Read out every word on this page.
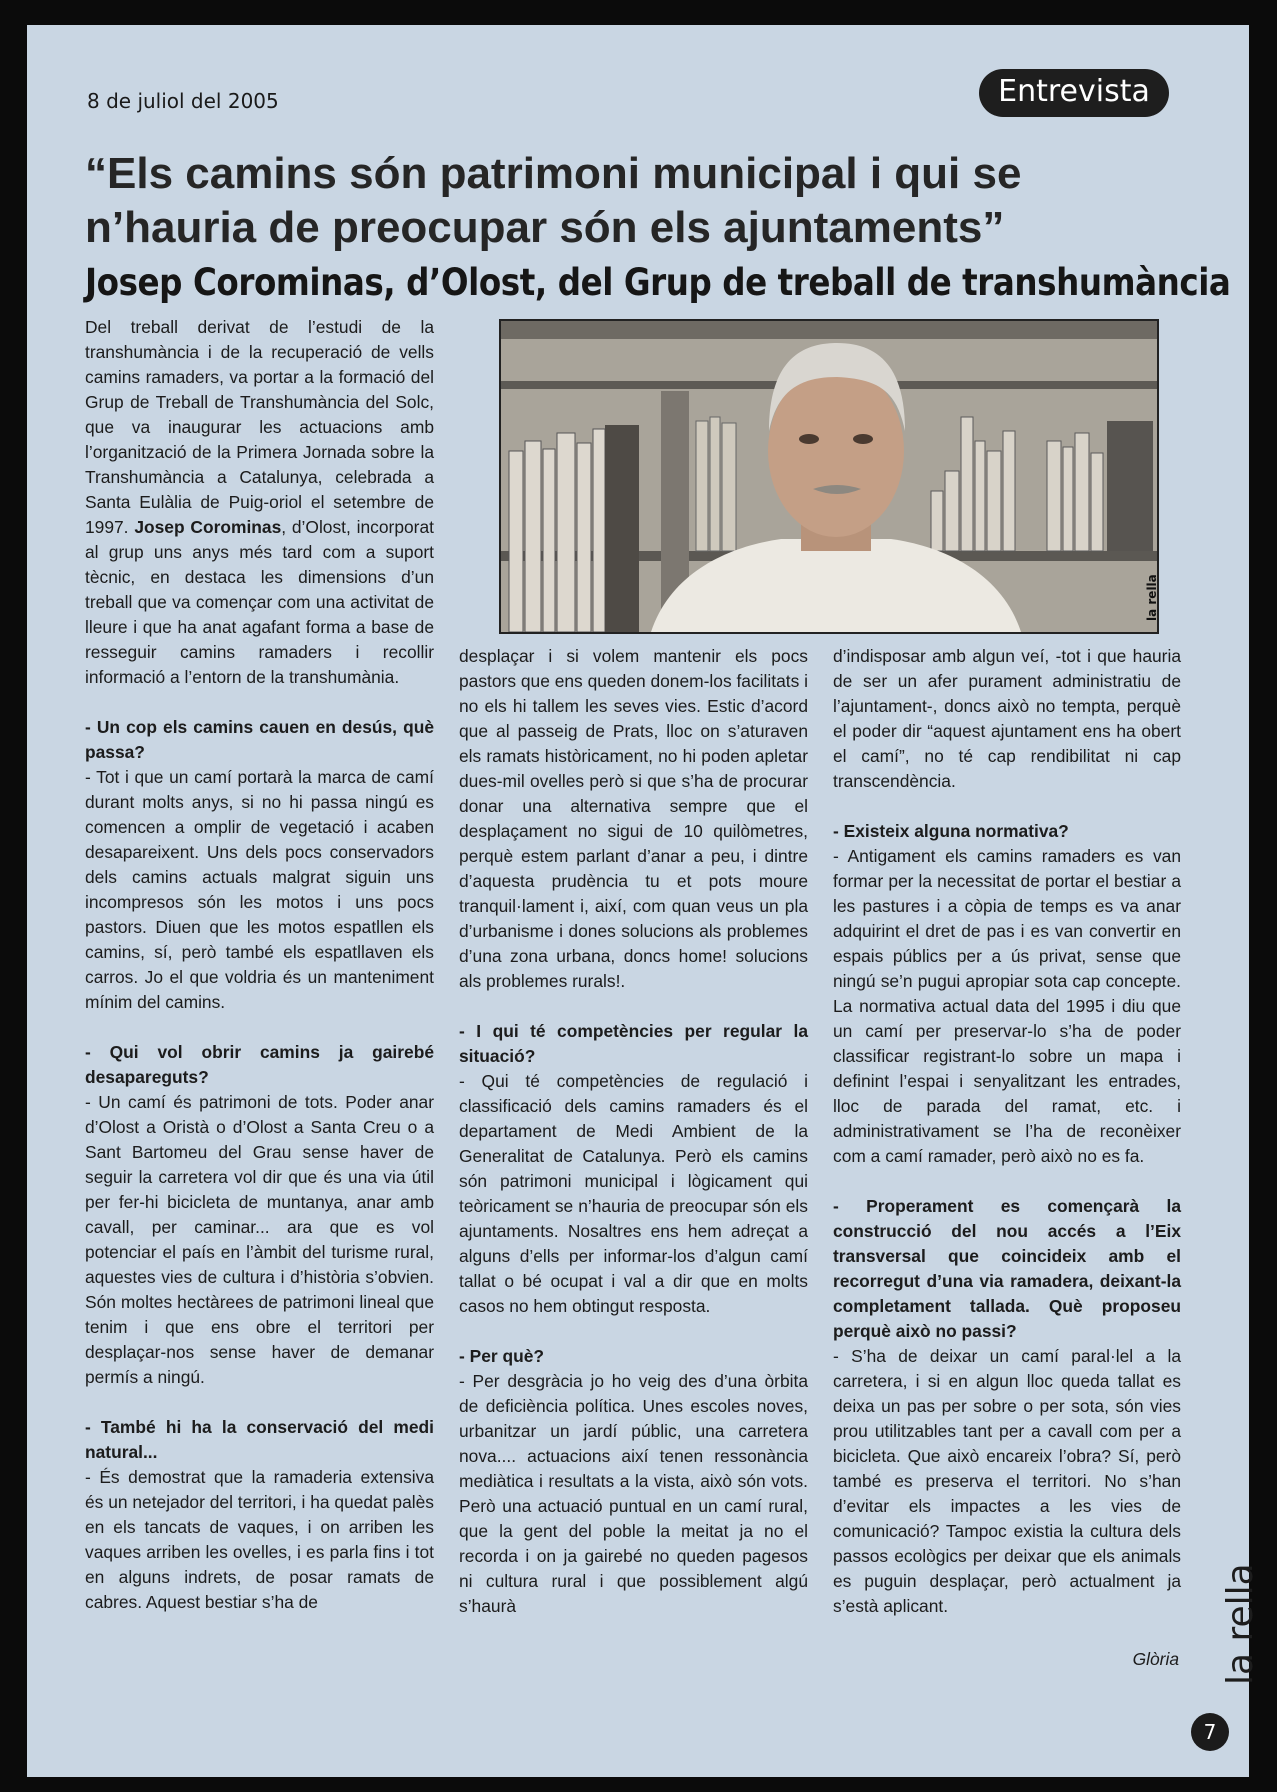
8 de juliol del 2005	Entrevista
“Els camins són patrimoni municipal i qui se n’hauria de preocupar són els ajuntaments”
Josep Corominas, d’Olost, del Grup de treball de transhumància
la rella

Del treball derivat de l’estudi de la transhumància i de la recuperació de vells camins ramaders, va portar a la formació del Grup de Treball de Transhumància del Solc, que va inaugurar les actuacions amb l’organització de la Primera Jornada sobre la Transhumància a Catalunya, celebrada a Santa Eulàlia de Puig-oriol el setembre de 1997. Josep Corominas, d’Olost, incorporat al grup uns anys més tard com a suport tècnic, en destaca les dimensions d’un treball que va començar com una activitat de lleure i que ha anat agafant forma a base de resseguir camins ramaders i recollir informació a l’entorn de la transhumània.

- Un cop els camins cauen en desús, què passa?

- Tot i que un camí portarà la marca de camí durant molts anys, si no hi passa ningú es comencen a omplir de vegetació i acaben desapareixent. Uns dels pocs conservadors dels camins actuals malgrat siguin uns incompresos són les motos i uns pocs pastors. Diuen que les motos espatllen els camins, sí, però també els espatllaven els carros. Jo el que voldria és un manteniment mínim del camins.

- Qui vol obrir camins ja gairebé desapareguts?

- Un camí és patrimoni de tots. Poder anar d’Olost a Oristà o d’Olost a Santa Creu o a Sant Bartomeu del Grau sense haver de seguir la carretera vol dir que és una via útil per fer-hi bicicleta de muntanya, anar amb cavall, per caminar... ara que es vol potenciar el país en l’àmbit del turisme rural, aquestes vies de cultura i d’història s’obvien. Són moltes hectàrees de patrimoni lineal que tenim i que ens obre el territori per desplaçar-nos sense haver de demanar permís a ningú.

- També hi ha la conservació del medi natural...

- És demostrat que la ramaderia extensiva és un netejador del territori, i ha quedat palès en els tancats de vaques, i on arriben les vaques arriben les ovelles, i es parla fins i tot en alguns indrets, de posar ramats de cabres. Aquest bestiar s’ha de

desplaçar i si volem mantenir els pocs pastors que ens queden donem-los facilitats i no els hi tallem les seves vies. Estic d’acord que al passeig de Prats, lloc on s’aturaven els ramats històricament, no hi poden apletar dues-mil ovelles però si que s’ha de procurar donar una alternativa sempre que el desplaçament no sigui de 10 quilòmetres, perquè estem parlant d’anar a peu, i dintre d’aquesta prudència tu et pots moure tranquil·lament i, així, com quan veus un pla d’urbanisme i dones solucions als problemes d’una zona urbana, doncs home! solucions als problemes rurals!.

- I qui té competències per regular la situació?

- Qui té competències de regulació i classificació dels camins ramaders és el departament de Medi Ambient de la Generalitat de Catalunya. Però els camins són patrimoni municipal i lògicament qui teòricament se n’hauria de preocupar són els ajuntaments. Nosaltres ens hem adreçat a alguns d’ells per informar-los d’algun camí tallat o bé ocupat i val a dir que en molts casos no hem obtingut resposta.

- Per què?

- Per desgràcia jo ho veig des d’una òrbita de deficiència política. Unes escoles noves, urbanitzar un jardí públic, una carretera nova.... actuacions així tenen ressonància mediàtica i resultats a la vista, això són vots. Però una actuació puntual en un camí rural, que la gent del poble la meitat ja no el recorda i on ja gairebé no queden pagesos ni cultura rural i que possiblement algú s’haurà

d’indisposar amb algun veí, -tot i que hauria de ser un afer purament administratiu de l’ajuntament-, doncs això no tempta, perquè el poder dir “aquest ajuntament ens ha obert el camí”, no té cap rendibilitat ni cap transcendència.

- Existeix alguna normativa?

- Antigament els camins ramaders es van formar per la necessitat de portar el bestiar a les pastures i a còpia de temps es va anar adquirint el dret de pas i es van convertir en espais públics per a ús privat, sense que ningú se’n pugui apropiar sota cap concepte. La normativa actual data del 1995 i diu que un camí per preservar-lo s’ha de poder classificar registrant-lo sobre un mapa i definint l’espai i senyalitzant les entrades, lloc de parada del ramat, etc. i administrativament se l’ha de reconèixer com a camí ramader, però això no es fa.

- Properament es començarà la construcció del nou accés a l’Eix transversal que coincideix amb el recorregut d’una via ramadera, deixant-la completament tallada. Què proposeu perquè això no passi?

- S’ha de deixar un camí paral·lel a la carretera, i si en algun lloc queda tallat es deixa un pas per sobre o per sota, són vies prou utilitzables tant per a cavall com per a bicicleta. Que això encareix l’obra? Sí, però també es preserva el territori. No s’han d’evitar els impactes a les vies de comunicació? Tampoc existia la cultura dels passos ecològics per deixar que els animals es puguin desplaçar, però actualment ja s’està aplicant.

Glòria la rella
7
